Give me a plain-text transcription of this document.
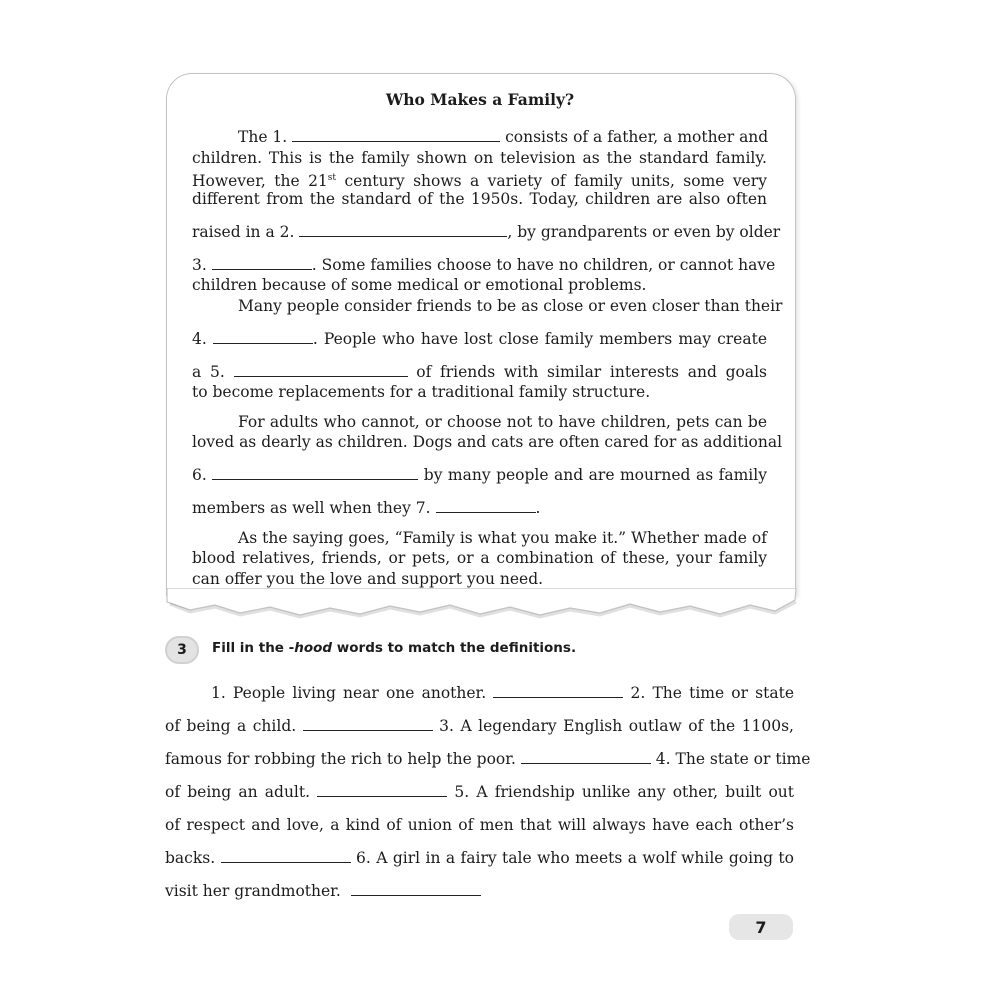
Who Makes a Family?
The 1.	consists of a father, a mother and
children. This is the family shown on television as the standard family.
However, the 21st century shows a variety of family units, some very
different from the standard of the 1950s. Today, children are also often
raised in a 2.	, by grandparents or even by older
3.	. Some families choose to have no children, or cannot have
children because of some medical or emotional problems.
Many people consider friends to be as close or even closer than their
4.	. People who have lost close family members may create
a 5.	of friends with similar interests and goals
to become replacements for a traditional family structure.
For adults who cannot, or choose not to have children, pets can be
loved as dearly as children. Dogs and cats are often cared for as additional
6.	by many people and are mourned as family
members as well when they 7.	.
As the saying goes, “Family is what you make it.” Whether made of
blood relatives, friends, or pets, or a combination of these, your family
can offer you the love and support you need.
3	Fill in the -hood words to match the definitions.
1. People living near one another.	2. The time or state
of being a child.	3. A legendary English outlaw of the 1100s,
famous for robbing the rich to help the poor.	4. The state or time
of being an adult.	5. A friendship unlike any other, built out
of respect and love, a kind of union of men that will always have each other’s
backs.	6. A girl in a fairy tale who meets a wolf while going to
visit her grandmother.
7
